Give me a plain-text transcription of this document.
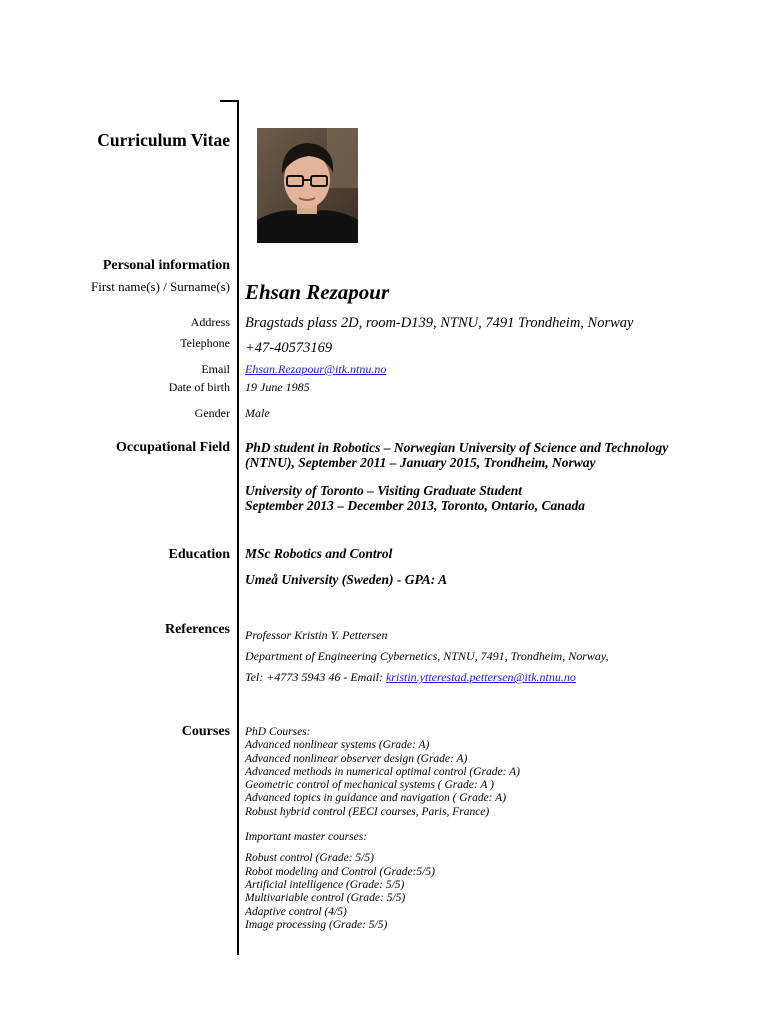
Curriculum Vitae
Personal information
First name(s) / Surname(s) Ehsan Rezapour
Address Bragstads plass 2D, room-D139, NTNU, 7491 Trondheim, Norway
Telephone +47-40573169
Email Ehsan.Rezapour@itk.ntnu.no
Date of birth 19 June 1985
Gender Male
Occupational Field PhD student in Robotics – Norwegian University of Science and Technology
(NTNU), September 2011 – January 2015, Trondheim, Norway
University of Toronto – Visiting Graduate Student
September 2013 – December 2013, Toronto, Ontario, Canada
Education MSc Robotics and Control
Umeå University (Sweden) - GPA: A
References Professor Kristin Y. Pettersen
Department of Engineering Cybernetics, NTNU, 7491, Trondheim, Norway,
Tel: +4773 5943 46 - Email: kristin.ytterestad.pettersen@itk.ntnu.no
Courses PhD Courses:
Advanced nonlinear systems (Grade: A)
Advanced nonlinear observer design (Grade: A)
Advanced methods in numerical optimal control (Grade: A)
Geometric control of mechanical systems ( Grade: A )
Advanced topics in guidance and navigation ( Grade: A)
Robust hybrid control (EECI courses, Paris, France)
Important master courses:
Robust control (Grade: 5/5)
Robot modeling and Control (Grade:5/5)
Artificial intelligence (Grade: 5/5)
Multivariable control (Grade: 5/5)
Adaptive control (4/5)
Image processing (Grade: 5/5)
